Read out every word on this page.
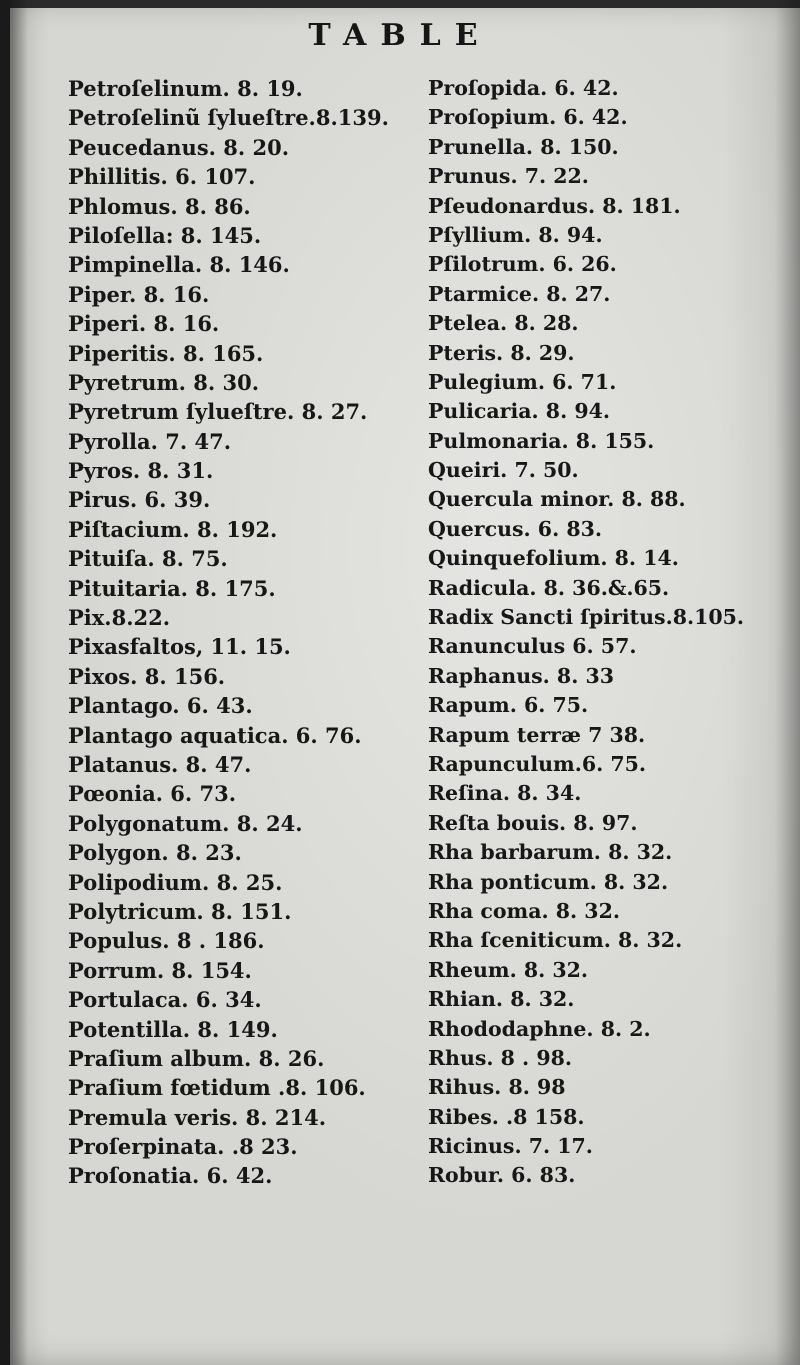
TABLE
Petroſelinum. 8. 19.
Petroſelinũ ſylueſtre.8.139.
Peucedanus. 8. 20.
Phillitis. 6. 107.
Phlomus. 8. 86.
Piloſella: 8. 145.
Pimpinella. 8. 146.
Piper. 8. 16.
Piperi. 8. 16.
Piperitis. 8. 165.
Pyretrum. 8. 30.
Pyretrum ſylueſtre. 8. 27.
Pyrolla. 7. 47.
Pyros. 8. 31.
Pirus. 6. 39.
Piſtacium. 8. 192.
Pituiſa. 8. 75.
Pituitaria. 8. 175.
Pix.8.22.
Pixasfaltos, 11. 15.
Pixos. 8. 156.
Plantago. 6. 43.
Plantago aquatica. 6. 76.
Platanus. 8. 47.
Pœonia. 6. 73.
Polygonatum. 8. 24.
Polygon. 8. 23.
Polipodium. 8. 25.
Polytricum. 8. 151.
Populus. 8 . 186.
Porrum. 8. 154.
Portulaca. 6. 34.
Potentilla. 8. 149.
Praſium album. 8. 26.
Praſium fœtidum .8. 106.
Premula veris. 8. 214.
Proſerpinata. .8 23.
Proſonatia. 6. 42.
Proſopida. 6. 42.
Proſopium. 6. 42.
Prunella. 8. 150.
Prunus. 7. 22.
Pſeudonardus. 8. 181.
Pſyllium. 8. 94.
Pſilotrum. 6. 26.
Ptarmice. 8. 27.
Ptelea. 8. 28.
Pteris. 8. 29.
Pulegium. 6. 71.
Pulicaria. 8. 94.
Pulmonaria. 8. 155.
Queiri. 7. 50.
Quercula minor. 8. 88.
Quercus. 6. 83.
Quinquefolium. 8. 14.
Radicula. 8. 36.&.65.
Radix Sancti ſpiritus.8.105.
Ranunculus 6. 57.
Raphanus. 8. 33
Rapum. 6. 75.
Rapum terræ 7 38.
Rapunculum.6. 75.
Reſina. 8. 34.
Reſta bouis. 8. 97.
Rha barbarum. 8. 32.
Rha ponticum. 8. 32.
Rha coma. 8. 32.
Rha ſceniticum. 8. 32.
Rheum. 8. 32.
Rhian. 8. 32.
Rhododaphne. 8. 2.
Rhus. 8 . 98.
Rihus. 8. 98
Ribes. .8 158.
Ricinus. 7. 17.
Robur. 6. 83.
